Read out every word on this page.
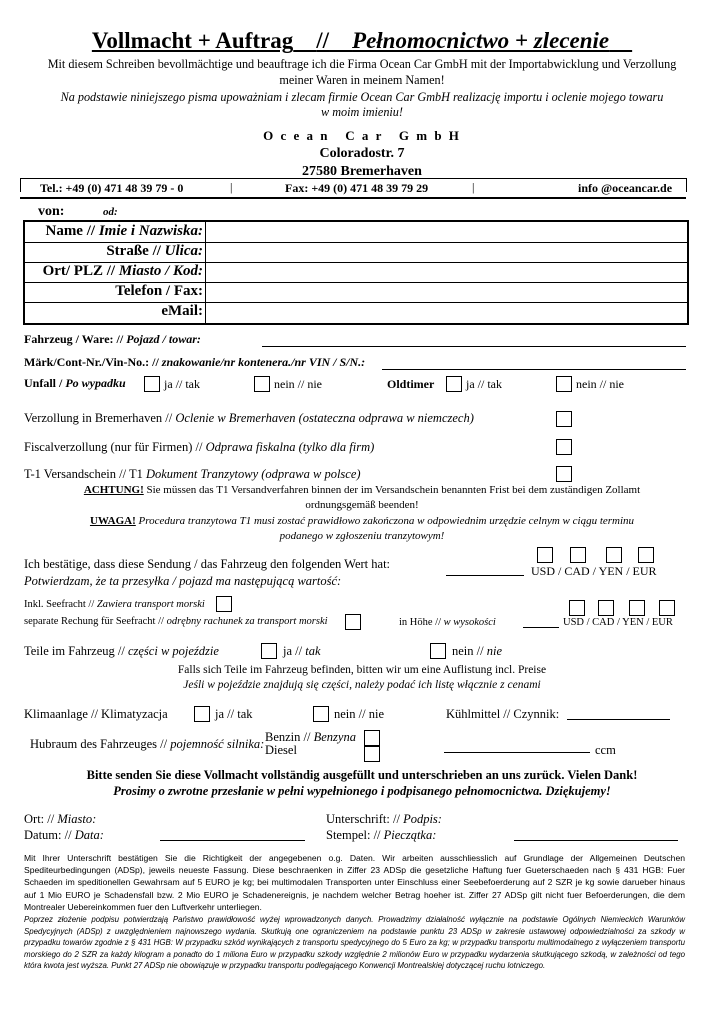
Vollmacht + Auftrag // Pełnomocnictwo + zlecenie
Mit diesem Schreiben bevollmächtige und beauftrage ich die Firma Ocean Car GmbH mit der Importabwicklung und Verzollung
meiner Waren in meinem Namen!
Na podstawie niniejszego pisma upoważniam i zlecam firmie Ocean Car GmbH realizację importu i oclenie mojego towaru
w moim imieniu!
O c e a n   C a r   G m b H
Coloradostr. 7
27580 Bremerhaven
Tel.: +49 (0) 471 48 39 79 - 0	|	Fax: +49 (0) 471 48 39 79 29	|	info @oceancar.de
von:	od:
Name // Imie i Nazwiska:
Straße // Ulica:
Ort/ PLZ // Miasto / Kod:
Telefon / Fax:
eMail:
Fahrzeug / Ware: // Pojazd / towar:
Märk/Cont-Nr./Vin-No.: // znakowanie/nr kontenera./nr VIN / S/N.:
Unfall / Po wypadku	ja // tak	nein // nie	Oldtimer	ja // tak	nein // nie
Verzollung in Bremerhaven // Oclenie w Bremerhaven (ostateczna odprawa w niemczech)
Fiscalverzollung (nur für Firmen) // Odprawa fiskalna (tylko dla firm)
T-1 Versandschein // T1 Dokument Tranzytowy (odprawa w polsce)
ACHTUNG! Sie müssen das T1 Versandverfahren binnen der im Versandschein benannten Frist bei dem zuständigen Zollamt
ordnungsgemäß beenden!
UWAGA! Procedura tranzytowa T1 musi zostać prawidłowo zakończona w odpowiednim urzędzie celnym w ciągu terminu
podanego w zgłoszeniu tranzytowym!
Ich bestätige, dass diese Sendung / das Fahrzeug den folgenden Wert hat:
Potwierdzam, że ta przesyłka / pojazd ma następującą wartość:
USD / CAD / YEN / EUR
Inkl. Seefracht // Zawiera transport morski
separate Rechung für Seefracht // odrębny rachunek za transport morski	in Höhe // w wysokości	USD / CAD / YEN / EUR
Teile im Fahrzeug // części w pojeździe	ja // tak	nein // nie
Falls sich Teile im Fahrzeug befinden, bitten wir um eine Auflistung incl. Preise
Jeśli w pojeździe znajdują się części, należy podać ich listę włącznie z cenami
Klimaanlage // Klimatyzacja	ja // tak	nein // nie	Kühlmittel // Czynnik:
Hubraum des Fahrzeuges // pojemność silnika: Benzin // Benzyna
Diesel	ccm
Bitte senden Sie diese Vollmacht vollständig ausgefüllt und unterschrieben an uns zurück. Vielen Dank!
Prosimy o zwrotne przesłanie w pełni wypełnionego i podpisanego pełnomocnictwa. Dziękujemy!
Ort: // Miasto:
Datum: // Data:
Unterschrift: // Podpis:
Stempel: // Pieczątka:
Mit Ihrer Unterschrift bestätigen Sie die Richtigkeit der angegebenen o.g. Daten. Wir arbeiten ausschliesslich auf Grundlage der Allgemeinen Deutschen Spediteurbedingungen (ADSp), jeweils neueste Fassung. Diese beschraenken in Ziffer 23 ADSp die gesetzliche Haftung fuer Gueterschaeden nach § 431 HGB: Fuer Schaeden im speditionellen Gewahrsam auf 5 EURO je kg; bei multimodalen Transporten unter Einschluss einer Seebefoerderung auf 2 SZR je kg sowie darueber hinaus auf 1 Mio EURO je Schadensfall bzw. 2 Mio EURO je Schadenereignis, je nachdem welcher Betrag hoeher ist. Ziffer 27 ADSp gilt nicht fuer Befoerderungen, die dem Montrealer Uebereinkommen fuer den Luftverkehr unterliegen.
Poprzez złożenie podpisu potwierdzają Państwo prawidłowość wyżej wprowadzonych danych. Prowadzimy działalność wyłącznie na podstawie Ogólnych Niemieckich Warunków Spedycyjnych (ADSp) z uwzględnieniem najnowszego wydania. Skutkują one ograniczeniem na podstawie punktu 23 ADSp w zakresie ustawowej odpowiedzialności za szkody w przypadku towarów zgodnie z § 431 HGB: W przypadku szkód wynikających z transportu spedycyjnego do 5 Euro za kg; w przypadku transportu multimodalnego z wyłączeniem transportu morskiego do 2 SZR za każdy kilogram a ponadto do 1 miliona Euro w przypadku szkody względnie 2 milionów Euro w przypadku wydarzenia skutkującego szkodą, w zależności od tego która kwota jest wyższa. Punkt 27 ADSp nie obowiązuje w przypadku transportu podlegającego Konwencji Montrealskiej dotyczącej ruchu lotniczego.
